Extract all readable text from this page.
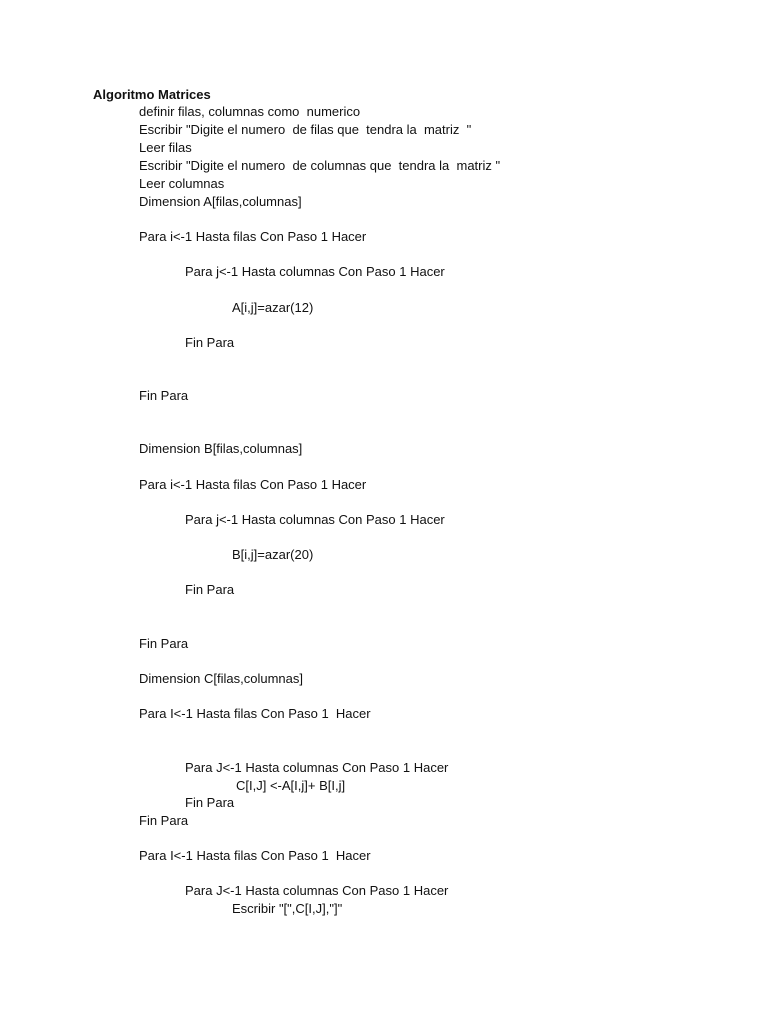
Algoritmo Matrices

definir filas, columnas como  numerico

Escribir "Digite el numero  de filas que  tendra la  matriz  "

Leer filas

Escribir "Digite el numero  de columnas que  tendra la  matriz "

Leer columnas

Dimension A[filas,columnas]

Para i<-1 Hasta filas Con Paso 1 Hacer

Para j<-1 Hasta columnas Con Paso 1 Hacer

A[i,j]=azar(12)

Fin Para

Fin Para

Dimension B[filas,columnas]

Para i<-1 Hasta filas Con Paso 1 Hacer

Para j<-1 Hasta columnas Con Paso 1 Hacer

B[i,j]=azar(20)

Fin Para

Fin Para

Dimension C[filas,columnas]

Para I<-1 Hasta filas Con Paso 1  Hacer

Para J<-1 Hasta columnas Con Paso 1 Hacer

C[I,J] <-A[I,j]+ B[I,j]

Fin Para

Fin Para

Para I<-1 Hasta filas Con Paso 1  Hacer

Para J<-1 Hasta columnas Con Paso 1 Hacer

Escribir "[",C[I,J],"]"
